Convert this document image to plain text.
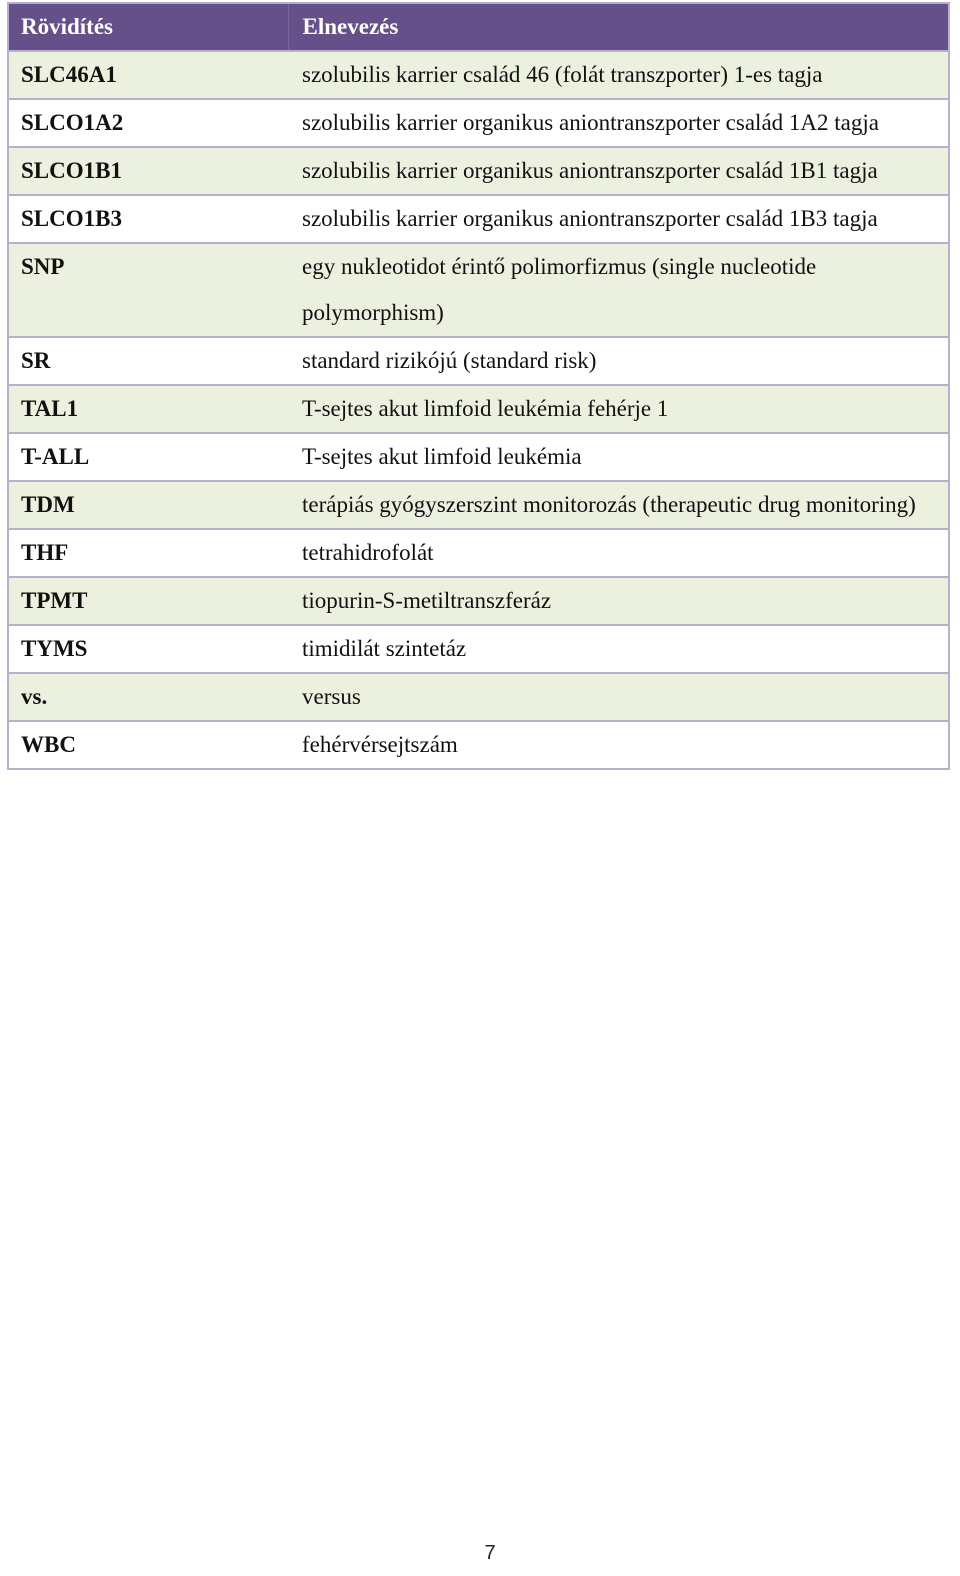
Rövidítés	Elnevezés
SLC46A1	szolubilis karrier család 46 (folát transzporter) 1-es tagja
SLCO1A2	szolubilis karrier organikus aniontranszporter család 1A2 tagja
SLCO1B1	szolubilis karrier organikus aniontranszporter család 1B1 tagja
SLCO1B3	szolubilis karrier organikus aniontranszporter család 1B3 tagja
SNP	egy nukleotidot érintő polimorfizmus (single nucleotide polymorphism)
SR	standard rizikójú (standard risk)
TAL1	T-sejtes akut limfoid leukémia fehérje 1
T-ALL	T-sejtes akut limfoid leukémia
TDM	terápiás gyógyszerszint monitorozás (therapeutic drug monitoring)
THF	tetrahidrofolát
TPMT	tiopurin-S-metiltranszferáz
TYMS	timidilát szintetáz
vs.	versus
WBC	fehérvérsejtszám
7
